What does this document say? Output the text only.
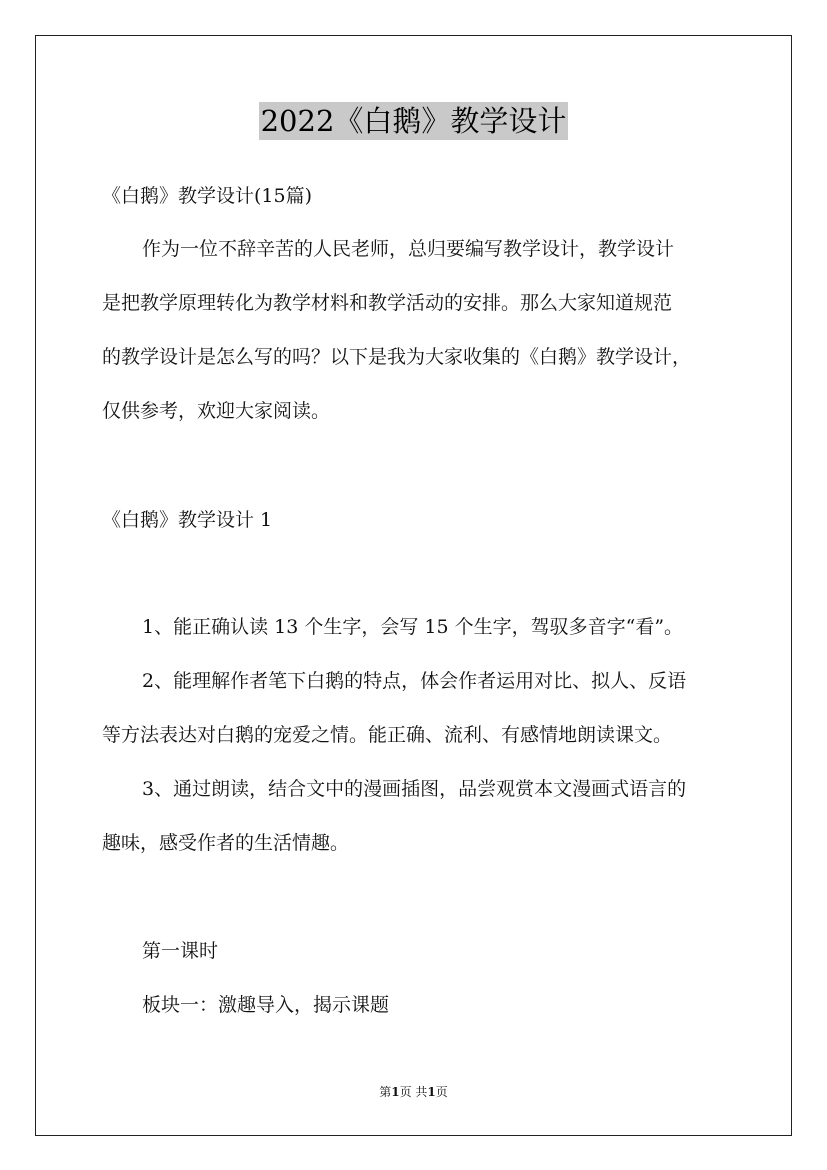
2022《白鹅》教学设计
《白鹅》教学设计(15篇)
作为一位不辞辛苦的人民老师，总归要编写教学设计，教学设计
是把教学原理转化为教学材料和教学活动的安排。那么大家知道规范
的教学设计是怎么写的吗？以下是我为大家收集的《白鹅》教学设计，
仅供参考，欢迎大家阅读。
《白鹅》教学设计 1
1、能正确认读 13 个生字，会写 15 个生字，驾驭多音字“看”。
2、能理解作者笔下白鹅的特点，体会作者运用对比、拟人、反语
等方法表达对白鹅的宠爱之情。能正确、流利、有感情地朗读课文。
3、通过朗读，结合文中的漫画插图，品尝观赏本文漫画式语言的
趣味，感受作者的生活情趣。
第一课时
板块一：激趣导入，揭示课题
第1页 共1页
